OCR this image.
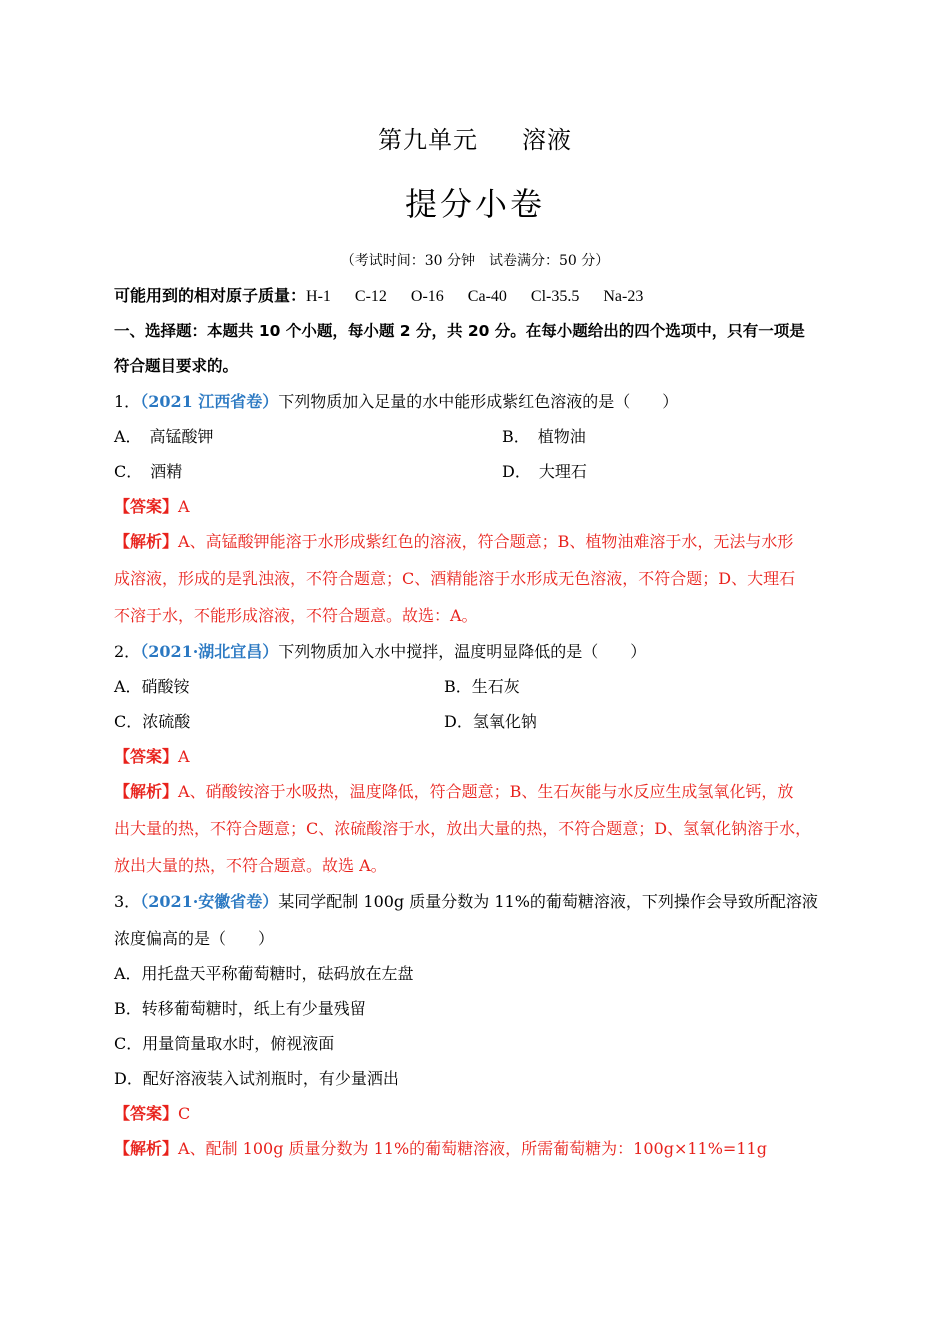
第九单元 溶液
提分小卷
（考试时间：30 分钟　试卷满分：50 分）
可能用到的相对原子质量：H-1 C-12 O-16 Ca-40 Cl-35.5 Na-23
一、选择题：本题共 10 个小题，每小题 2 分，共 20 分。在每小题给出的四个选项中，只有一项是
符合题目要求的。
1．（2021 江西省卷）下列物质加入足量的水中能形成紫红色溶液的是（　　）
A．　高锰酸钾	B．　植物油
C．　酒精	D．　大理石
【答案】A
【解析】A、高锰酸钾能溶于水形成紫红色的溶液，符合题意；B、植物油难溶于水，无法与水形
成溶液，形成的是乳浊液，不符合题意；C、酒精能溶于水形成无色溶液，不符合题；D、大理石
不溶于水，不能形成溶液，不符合题意。故选：A。
2．（2021·湖北宜昌）下列物质加入水中搅拌，温度明显降低的是（　　）
A．硝酸铵	B．生石灰
C．浓硫酸	D．氢氧化钠
【答案】A
【解析】A、硝酸铵溶于水吸热，温度降低，符合题意；B、生石灰能与水反应生成氢氧化钙，放
出大量的热，不符合题意；C、浓硫酸溶于水，放出大量的热，不符合题意；D、氢氧化钠溶于水，
放出大量的热，不符合题意。故选 A。
3．（2021·安徽省卷）某同学配制 100g 质量分数为 11%的葡萄糖溶液，下列操作会导致所配溶液
浓度偏高的是（　　）
A．用托盘天平称葡萄糖时，砝码放在左盘
B．转移葡萄糖时，纸上有少量残留
C．用量筒量取水时，俯视液面
D．配好溶液装入试剂瓶时，有少量洒出
【答案】C
【解析】A、配制 100g 质量分数为 11%的葡萄糖溶液，所需葡萄糖为：100g×11%=11g
